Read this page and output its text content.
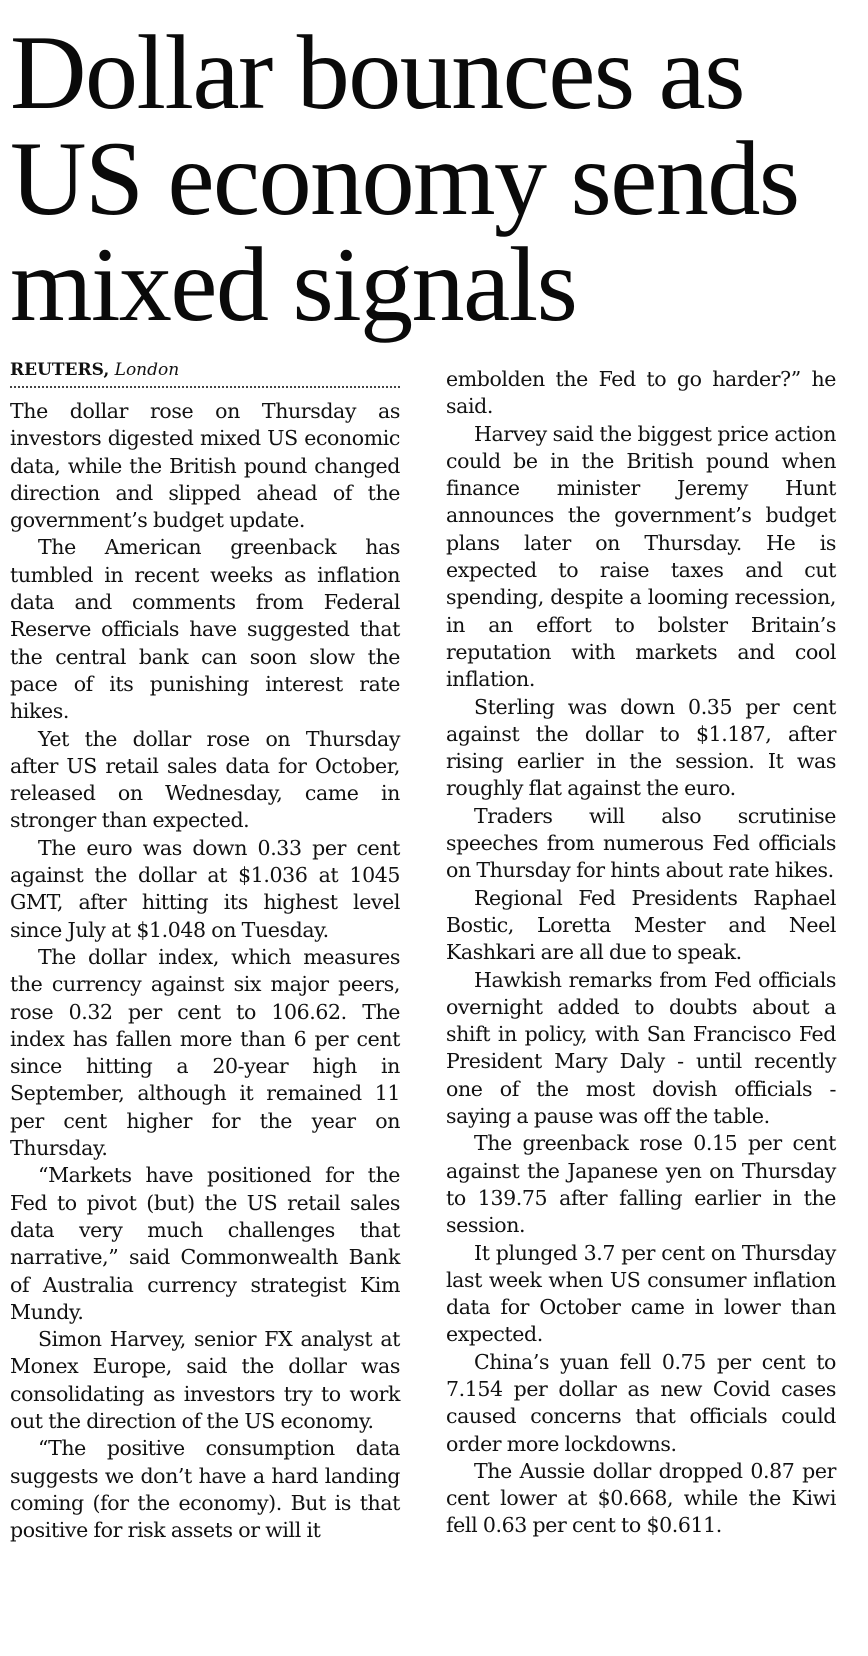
Dollar bounces as
US economy sends
mixed signals
REUTERS, London

The dollar rose on Thursday as investors digested mixed US economic data, while the British pound changed direction and slipped ahead of the government’s budget update.

The American greenback has tumbled in recent weeks as inflation data and comments from Federal Reserve officials have suggested that the central bank can soon slow the pace of its punishing interest rate hikes.

Yet the dollar rose on Thursday after US retail sales data for October, released on Wednesday, came in stronger than expected.

The euro was down 0.33 per cent against the dollar at $1.036 at 1045 GMT, after hitting its highest level since July at $1.048 on Tuesday.

The dollar index, which measures the currency against six major peers, rose 0.32 per cent to 106.62. The index has fallen more than 6 per cent since hitting a 20-year high in September, although it remained 11 per cent higher for the year on Thursday.

“Markets have positioned for the Fed to pivot (but) the US retail sales data very much challenges that narrative,” said Commonwealth Bank of Australia currency strategist Kim Mundy.

Simon Harvey, senior FX analyst at Monex Europe, said the dollar was consolidating as investors try to work out the direction of the US economy.

“The positive consumption data suggests we don’t have a hard landing coming (for the economy). But is that positive for risk assets or will it

embolden the Fed to go harder?” he said.

Harvey said the biggest price action could be in the British pound when finance minister Jeremy Hunt announces the government’s budget plans later on Thursday. He is expected to raise taxes and cut spending, despite a looming recession, in an effort to bolster Britain’s reputation with markets and cool inflation.

Sterling was down 0.35 per cent against the dollar to $1.187, after rising earlier in the session. It was roughly flat against the euro.

Traders will also scrutinise speeches from numerous Fed officials on Thursday for hints about rate hikes.

Regional Fed Presidents Raphael Bostic, Loretta Mester and Neel Kashkari are all due to speak.

Hawkish remarks from Fed officials overnight added to doubts about a shift in policy, with San Francisco Fed President Mary Daly - until recently one of the most dovish officials - saying a pause was off the table.

The greenback rose 0.15 per cent against the Japanese yen on Thursday to 139.75 after falling earlier in the session.

It plunged 3.7 per cent on Thursday last week when US consumer inflation data for October came in lower than expected.

China’s yuan fell 0.75 per cent to 7.154 per dollar as new Covid cases caused concerns that officials could order more lockdowns.

The Aussie dollar dropped 0.87 per cent lower at $0.668, while the Kiwi fell 0.63 per cent to $0.611.
